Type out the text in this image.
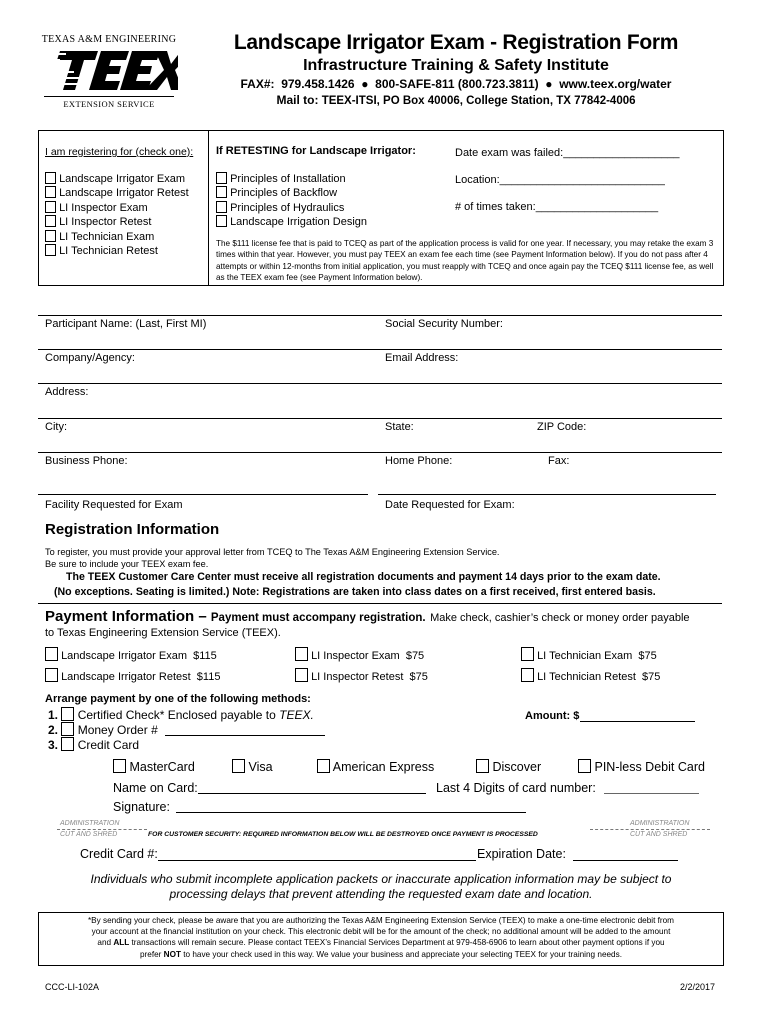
TEXAS A&M ENGINEERING
EXTENSION SERVICE
Landscape Irrigator Exam - Registration Form
Infrastructure Training & Safety Institute
FAX#:  979.458.1426  ●  800-SAFE-811 (800.723.3811)  ●  www.teex.org/water
Mail to: TEEX-ITSI, PO Box 40006, College Station, TX 77842-4006
I am registering for (check one):
Landscape Irrigator Exam
Landscape Irrigator Retest
LI Inspector Exam
LI Inspector Retest
LI Technician Exam
LI Technician Retest
If RETESTING for Landscape Irrigator:	Date exam was failed:___________________
Principles of Installation
Principles of Backflow
Principles of Hydraulics
Landscape Irrigation Design
Location:___________________________
# of times taken:____________________
The $111 license fee that is paid to TCEQ as part of the application process is valid for one year. If necessary, you may retake the exam 3 times within that year. However, you must pay TEEX an exam fee each time (see Payment Information below). If you do not pass after 4 attempts or within 12-months from initial application, you must reapply with TCEQ and once again pay the TCEQ $111 license fee, as well as the TEEX exam fee (see Payment Information below).
Participant Name: (Last, First MI)	Social Security Number:
Company/Agency:	Email Address:
Address:
City:	State:	ZIP Code:
Business Phone:	Home Phone:	Fax:
Facility Requested for Exam	Date Requested for Exam:
Registration Information
To register, you must provide your approval letter from TCEQ to The Texas A&M Engineering Extension Service.
Be sure to include your TEEX exam fee.
The TEEX Customer Care Center must receive all registration documents and payment 14 days prior to the exam date.
(No exceptions. Seating is limited.) Note: Registrations are taken into class dates on a first received, first entered basis.
Payment Information – Payment must accompany registration. Make check, cashier’s check or money order payable
to Texas Engineering Extension Service (TEEX).
Landscape Irrigator Exam  $115	LI Inspector Exam  $75	LI Technician Exam  $75
Landscape Irrigator Retest  $115	LI Inspector Retest  $75	LI Technician Retest  $75
Arrange payment by one of the following methods:
1. Certified Check* Enclosed payable to TEEX.	Amount: $
2. Money Order #
3. Credit Card
MasterCard	Visa	American Express	Discover	PIN-less Debit Card
Name on Card:	Last 4 Digits of card number:
Signature:
ADMINISTRATION
CUT AND SHRED
ADMINISTRATION
CUT AND SHRED
FOR CUSTOMER SECURITY: REQUIRED INFORMATION BELOW WILL BE DESTROYED ONCE PAYMENT IS PROCESSED
Credit Card #:	Expiration Date:
Individuals who submit incomplete application packets or inaccurate application information may be subject to
processing delays that prevent attending the requested exam date and location.
*By sending your check, please be aware that you are authorizing the Texas A&M Engineering Extension Service (TEEX) to make a one-time electronic debit from
your account at the financial institution on your check. This electronic debit will be for the amount of the check; no additional amount will be added to the amount
and ALL transactions will remain secure. Please contact TEEX’s Financial Services Department at 979-458-6906 to learn about other payment options if you
prefer NOT to have your check used in this way. We value your business and appreciate your selecting TEEX for your training needs.
CCC-LI-102A	2/2/2017
